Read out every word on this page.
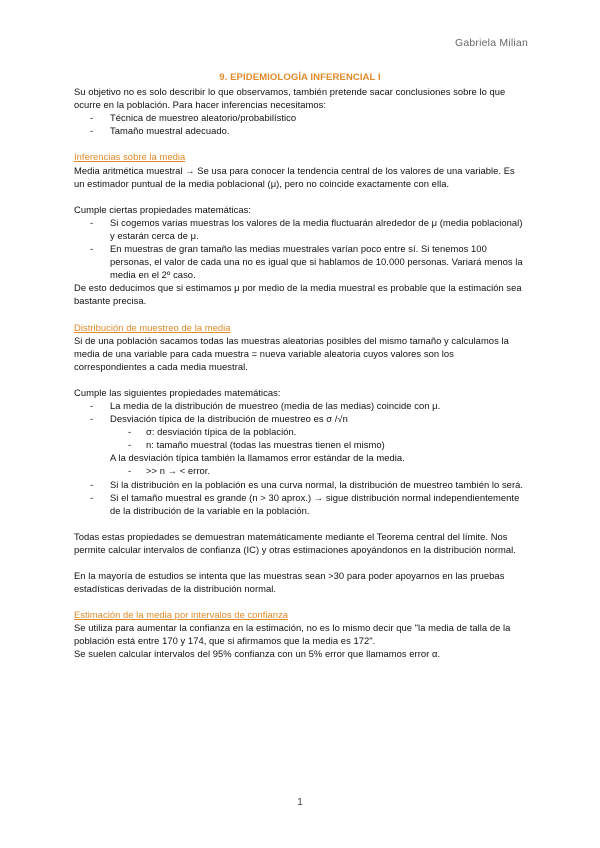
Gabriela Milian

9. EPIDEMIOLOGÍA INFERENCIAL I

Su objetivo no es solo describir lo que observamos, también pretende sacar conclusiones sobre lo que ocurre en la población. Para hacer inferencias necesitamos:

- Técnica de muestreo aleatorio/probabilístico
- Tamaño muestral adecuado.

Inferencias sobre la media

Media aritmética muestral → Se usa para conocer la tendencia central de los valores de una variable. Es un estimador puntual de la media poblacional (μ), pero no coincide exactamente con ella.

Cumple ciertas propiedades matemáticas:

- Si cogemos varias muestras los valores de la media fluctuarán alrededor de μ (media poblacional) y estarán cerca de μ.
- En muestras de gran tamaño las medias muestrales varían poco entre sí. Si tenemos 100 personas, el valor de cada una no es igual que si hablamos de 10.000 personas. Variará menos la media en el 2º caso.

De esto deducimos que si estimamos μ por medio de la media muestral es probable que la estimación sea bastante precisa.

Distribución de muestreo de la media

Si de una población sacamos todas las muestras aleatorias posibles del mismo tamaño y calculamos la media de una variable para cada muestra = nueva variable aleatoria cuyos valores son los correspondientes a cada media muestral.

Cumple las siguientes propiedades matemáticas:

- La media de la distribución de muestreo (media de las medias) coincide con μ.
- Desviación típica de la distribución de muestreo es σ /√n
- σ: desviación típica de la población.
- n: tamaño muestral (todas las muestras tienen el mismo)

A la desviación típica también la llamamos error estándar de la media.

- >> n → < error.
- Si la distribución en la población es una curva normal, la distribución de muestreo también lo será.
- Si el tamaño muestral es grande (n > 30 aprox.) → sigue distribución normal independientemente de la distribución de la variable en la población.

Todas estas propiedades se demuestran matemáticamente mediante el Teorema central del límite. Nos permite calcular intervalos de confianza (IC) y otras estimaciones apoyándonos en la distribución normal.

En la mayoría de estudios se intenta que las muestras sean >30 para poder apoyarnos en las pruebas estadísticas derivadas de la distribución normal.

Estimación de la media por intervalos de confianza

Se utiliza para aumentar la confianza en la estimación, no es lo mismo decir que "la media de talla de la población está entre 170 y 174, que si afirmamos que la media es 172".

Se suelen calcular intervalos del 95% confianza con un 5% error que llamamos error α.

1
